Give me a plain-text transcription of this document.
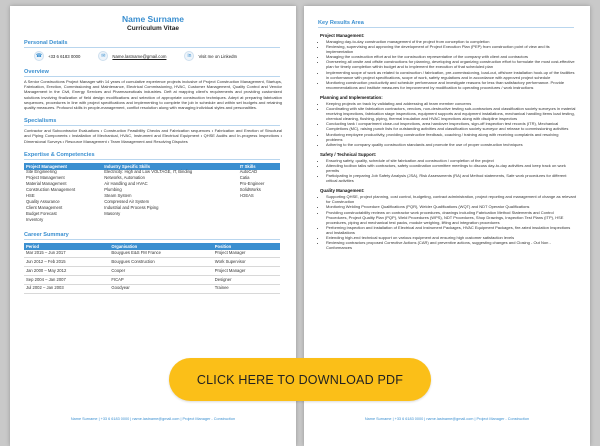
Name Surname
Curriculum Vitae
Personal Details
☎	+33 6 6183 0000	✉	Name.lastname@gmail.com	in	Visit me on LinkedIn
Overview
A Senior Constructions Project Manager with 14 years of cumulative experience projects inclusive of Project Construction Management, Startups, Fabrication, Erection, Commissioning and Maintenance, Electrical Commissioning, HVAC, Customer Management, Quality Control and Vendor Management in the Civil, Energy Services and Pharmaceuticals industries. Deft at mapping client's requirements and providing customized solutions involving finalization of field design modifications and selection of appropriate construction techniques. Adept at preparing fabrication sequences, procedures in line with project specifications and implementing to complete the job in schedule and within set budgets and retaining quality measures. Profound skills in people-management, conflict resolution along with managing individual styles and personalities.
Specialisms
Contractor and Subcontractor Evaluations • Construction Feasibility Checks and Fabrication sequences • Fabrication and Erection of Structural and Piping Components • Installation of Mechanical, HVAC, Instrument and Electrical Equipment • QHSE Audits and In-progress Inspections • Dimensional Surveys • Resource Management • Team Management and Resolving Disputes
Expertise & Competencies
Project Management	Industry Specific Skills	IT Skills
Site Engineering	Electricity: High and Low VOLTAGE, IT, Binding	AutoCAD
Project Management	Networks, Automation	Catia
Material Management	Air Handling and HVAC	Pro-Engineer
Construction Management	Plumbing	SolidWorks
HSE	Steam System	I-DEAS
Quality Assurance	Compressed Air System	
Client Management	Industrial and Process Piping	
Budget Forecast	Masonry	
Inventory		
Career Summary
Period	Organisation	Position
Mar 2015 – Jun 2017	Bouygues E&S FM France	Project Manager
Jun 2012 – Feb 2015	Bouygues Construction	Work Supervisor
Jan 2000 – May 2012	Cooper	Project Manager
Sep 2004 – Jan 2007	FICAP	Designer
Jul 2002 – Jan 2003	Goodyear	Trainee
Name Surname | +33 6 6183 0000 | name.lastname@gmail.com | Project Manager - Construction
Key Results Area
Project Management:
• Managing day-to-day construction management of the project from conception to completion
• Reviewing, supervising and approving the development of Project Execution Plan (PEP) from construction point of view and its implementation
• Managing the construction effort and be the construction representative of the company with client and contractors
• Overseeing all onsite and offsite constructions for planning, developing and organizing construction effort to formulate the most cost-effective plan for timely completion within budget and to implement the execution of that scheduled plan
• Implementing scope of work as related to construction / fabrication, pre-commissioning, load-out, offshore installation hook-up of the facilities in conformance with project specifications, scope of work, safety regulations and in accordance with approved project schedule
• Monitoring construction productivity and schedule performance and investigate reasons for less than satisfactory performance. Provide recommendations and institute measures for improvement by modification to operating procedures / work instructions
Planning and Implementation:
• Keeping projects on track by validating and addressing all team member concerns
• Coordinating with site fabrication contractors, vendors, non-destructive testing sub-contractors and classification society surveyors in material receiving inspections, fabrication stage inspections, equipment supports and equipment installations, mechanical handling items load testing, chemical cleaning, flushing, piping, thermal insulation and HVAC inspections along with discipline inspectors
• Conducting tank / compartment close-out inspections, area handover inspections, sign-off inspection test records (ITR), Mechanical Completions (MC), raising punch lists for outstanding activities and classification society surveyor and release to commissioning activities
• Monitoring employee productivity, providing constructive feedback, coaching / training along with receiving complaints and resolving problems
• Adhering to the company quality construction standards and promote the use of proper construction techniques
Safety / Technical Support:
• Ensuring safety, quality, schedule of site fabrication and construction / completion of the project
• Attending toolbox talks with contractors, safety coordination committee meetings to discuss day-to-day activities and keep track on work permits
• Participating in preparing Job Safety Analysis (JSA), Risk Assessments (RA) and Method statements, Safe work procedures for different critical activities
Quality Management:
• Supporting QHSE, project planning, cost control, budgeting, contract administration, project reporting and management of change as relevant for Construction
• Monitoring Welding Procedure Qualifications (PQR), Welder Qualifications (WQT) and NDT Operator Qualifications
• Providing constructability reviews on contractor work procedures, drawings including Fabrication Method Statements and Control Procedures, Project Quality Plan (PQP), Weld Procedures (WPS), NDT Procedures, Shop Drawings, Inspection Test Plans (ITP), HSE procedures, piping and mechanical test packs, module weighing, lifting and integration procedures
• Performing inspection and installation of Electrical and Instrument Packages, HVAC Equipment Packages, fire-rated insulation Inspections and Installations
• Extending high-end technical support on various equipment and ensuring high customer satisfaction levels
• Reviewing contractors proposed Corrective Actions (CAR) and preventive actions, suggesting changes and Closing - Out Non - Conformances
Name Surname | +33 6 6183 0000 | name.lastname@gmail.com | Project Manager - Construction
CLICK HERE TO DOWNLOAD PDF
